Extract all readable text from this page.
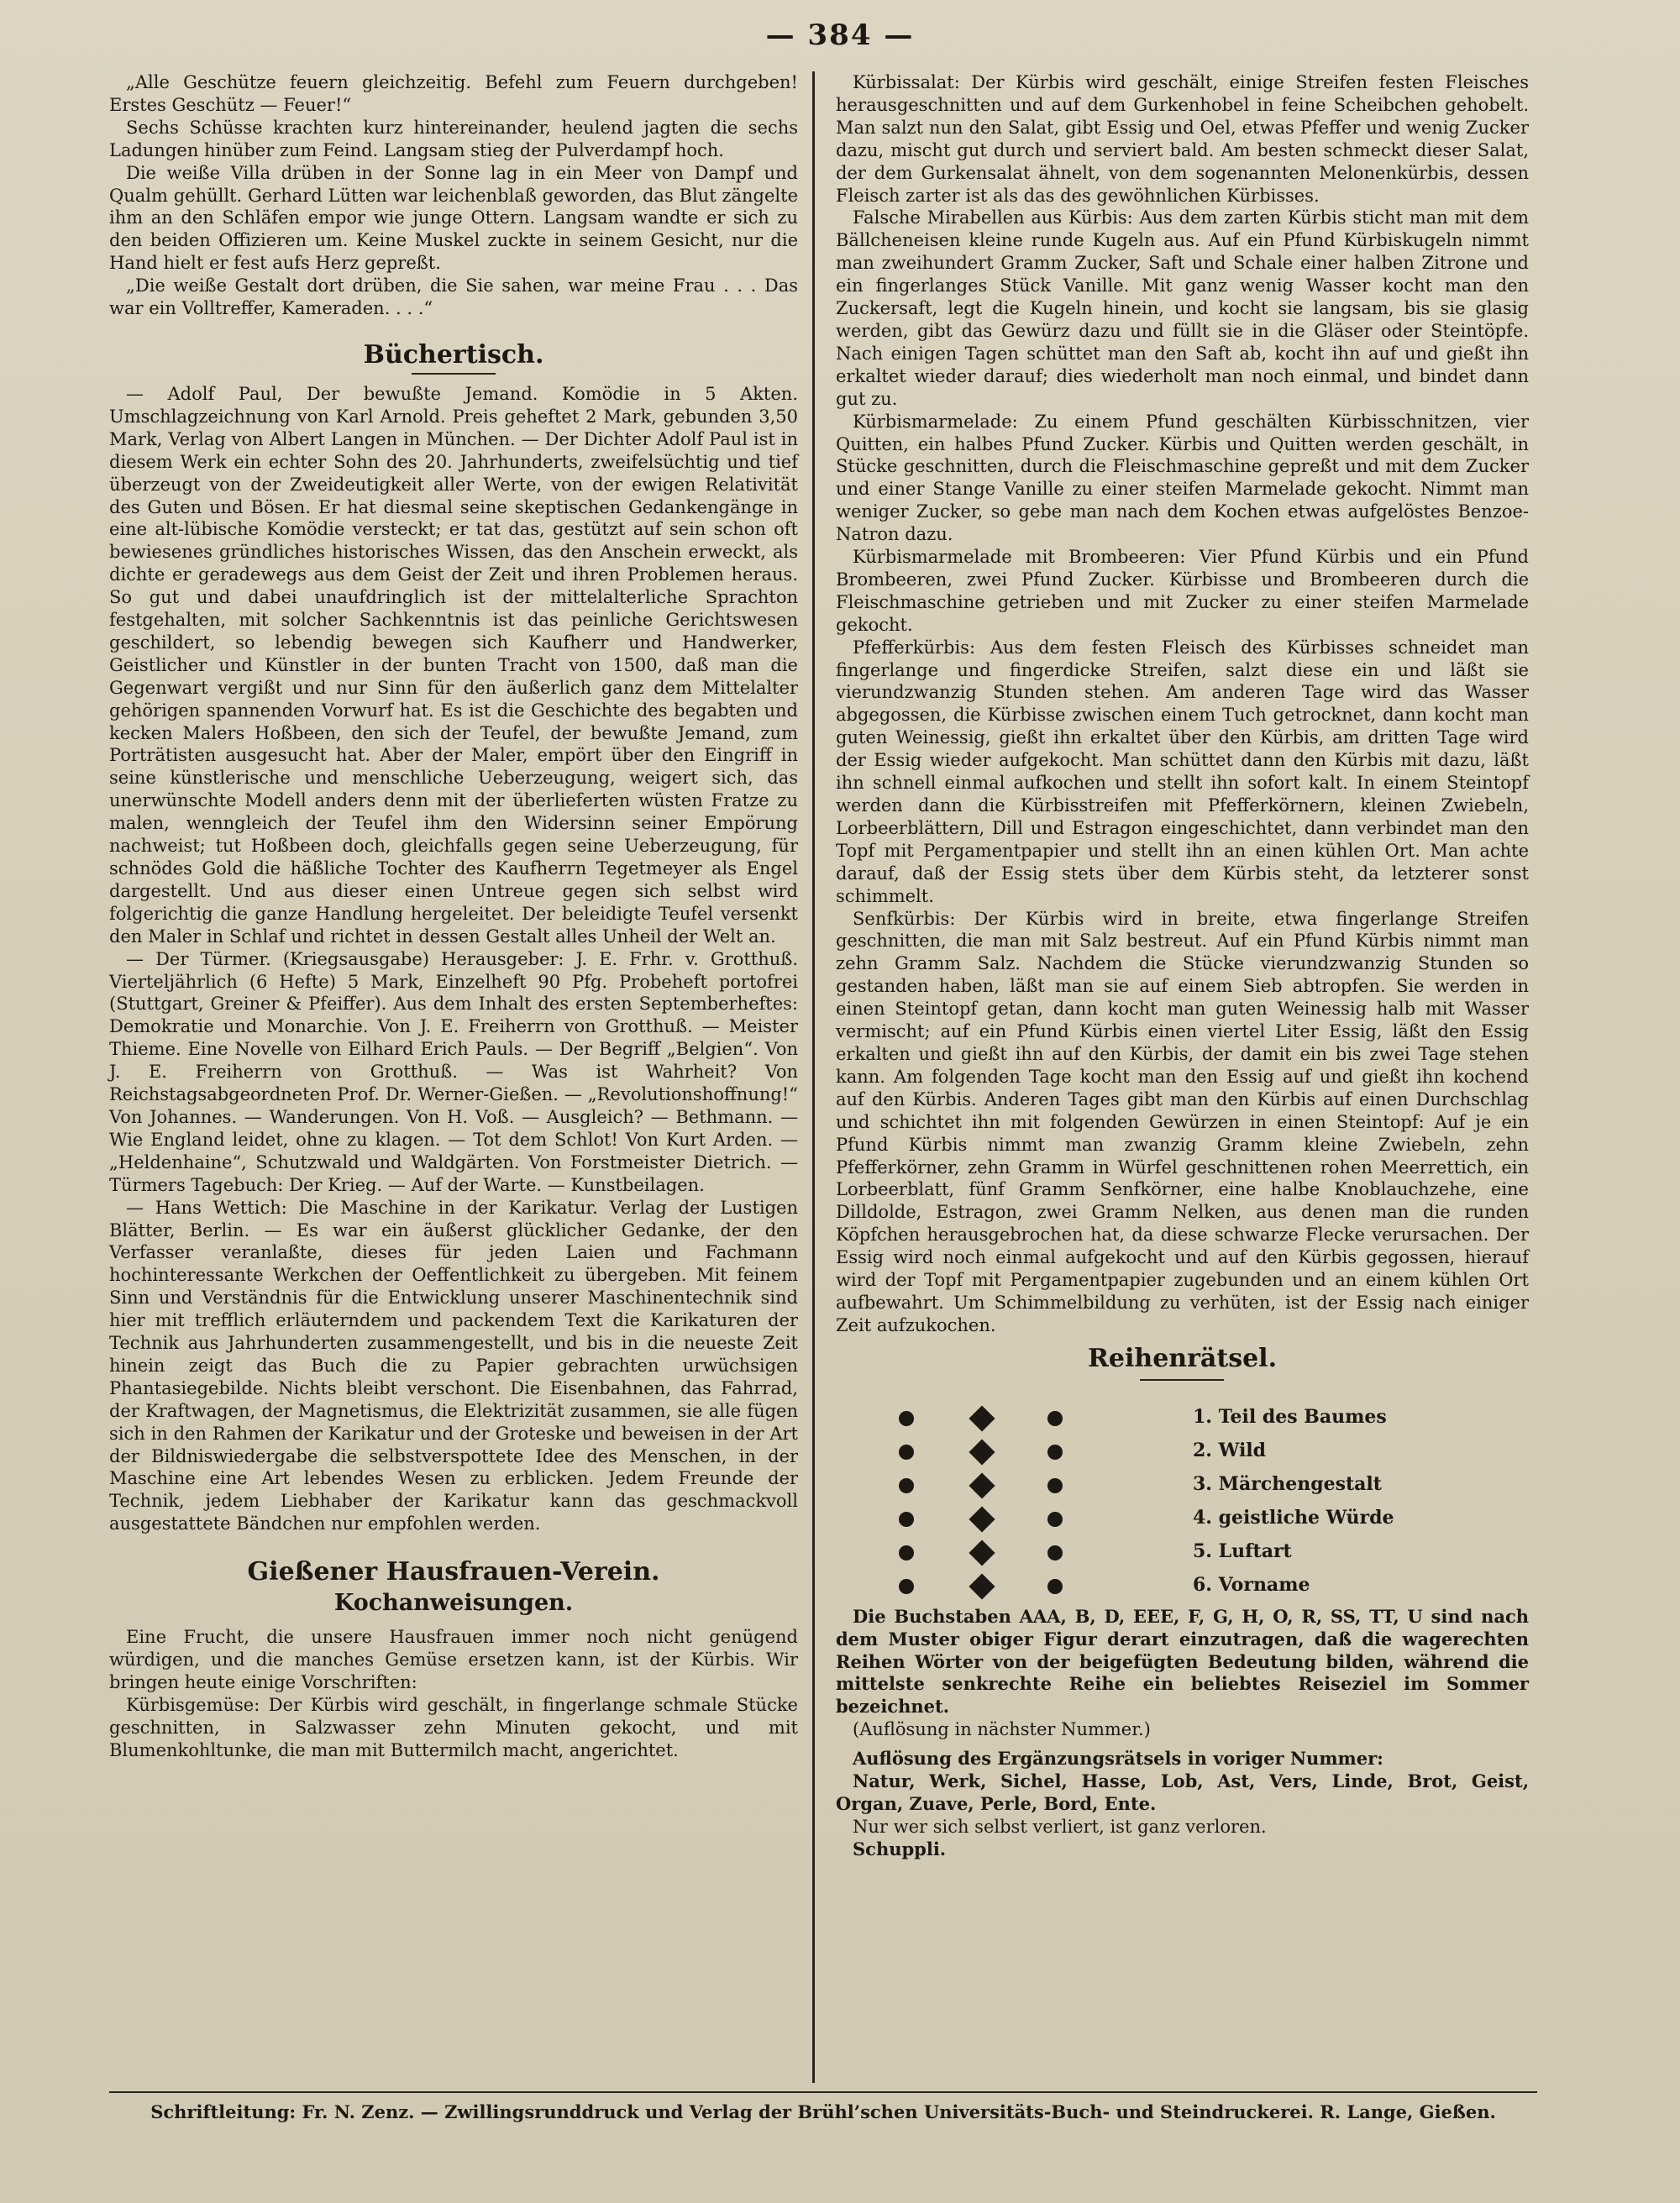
— 384 —

„Alle Geschütze feuern gleichzeitig. Befehl zum Feuern durchgeben! Erstes Geschütz — Feuer!“

Sechs Schüsse krachten kurz hintereinander, heulend jagten die sechs Ladungen hinüber zum Feind. Langsam stieg der Pulverdampf hoch.

Die weiße Villa drüben in der Sonne lag in ein Meer von Dampf und Qualm gehüllt. Gerhard Lütten war leichenblaß geworden, das Blut zängelte ihm an den Schläfen empor wie junge Ottern. Langsam wandte er sich zu den beiden Offizieren um. Keine Muskel zuckte in seinem Gesicht, nur die Hand hielt er fest aufs Herz gepreßt.

„Die weiße Gestalt dort drüben, die Sie sahen, war meine Frau . . . Das war ein Volltreffer, Kameraden. . . .“

Büchertisch.

— Adolf Paul, Der bewußte Jemand. Komödie in 5 Akten. Umschlagzeichnung von Karl Arnold. Preis geheftet 2 Mark, gebunden 3,50 Mark, Verlag von Albert Langen in München. — Der Dichter Adolf Paul ist in diesem Werk ein echter Sohn des 20. Jahrhunderts, zweifelsüchtig und tief überzeugt von der Zweideutigkeit aller Werte, von der ewigen Relativität des Guten und Bösen. Er hat diesmal seine skeptischen Gedankengänge in eine alt-lübische Komödie versteckt; er tat das, gestützt auf sein schon oft bewiesenes gründliches historisches Wissen, das den Anschein erweckt, als dichte er geradewegs aus dem Geist der Zeit und ihren Problemen heraus. So gut und dabei unaufdringlich ist der mittelalterliche Sprachton festgehalten, mit solcher Sachkenntnis ist das peinliche Gerichtswesen geschildert, so lebendig bewegen sich Kaufherr und Handwerker, Geistlicher und Künstler in der bunten Tracht von 1500, daß man die Gegenwart vergißt und nur Sinn für den äußerlich ganz dem Mittelalter gehörigen spannenden Vorwurf hat. Es ist die Geschichte des begabten und kecken Malers Hoßbeen, den sich der Teufel, der bewußte Jemand, zum Porträtisten ausgesucht hat. Aber der Maler, empört über den Eingriff in seine künstlerische und menschliche Ueberzeugung, weigert sich, das unerwünschte Modell anders denn mit der überlieferten wüsten Fratze zu malen, wenngleich der Teufel ihm den Widersinn seiner Empörung nachweist; tut Hoßbeen doch, gleichfalls gegen seine Ueberzeugung, für schnödes Gold die häßliche Tochter des Kaufherrn Tegetmeyer als Engel dargestellt. Und aus dieser einen Untreue gegen sich selbst wird folgerichtig die ganze Handlung hergeleitet. Der beleidigte Teufel versenkt den Maler in Schlaf und richtet in dessen Gestalt alles Unheil der Welt an.

— Der Türmer. (Kriegsausgabe) Herausgeber: J. E. Frhr. v. Grotthuß. Vierteljährlich (6 Hefte) 5 Mark, Einzelheft 90 Pfg. Probeheft portofrei (Stuttgart, Greiner & Pfeiffer). Aus dem Inhalt des ersten Septemberheftes: Demokratie und Monarchie. Von J. E. Freiherrn von Grotthuß. — Meister Thieme. Eine Novelle von Eilhard Erich Pauls. — Der Begriff „Belgien“. Von J. E. Freiherrn von Grotthuß. — Was ist Wahrheit? Von Reichstagsabgeordneten Prof. Dr. Werner-Gießen. — „Revolutionshoffnung!“ Von Johannes. — Wanderungen. Von H. Voß. — Ausgleich? — Bethmann. — Wie England leidet, ohne zu klagen. — Tot dem Schlot! Von Kurt Arden. — „Heldenhaine“, Schutzwald und Waldgärten. Von Forstmeister Dietrich. — Türmers Tagebuch: Der Krieg. — Auf der Warte. — Kunstbeilagen.

— Hans Wettich: Die Maschine in der Karikatur. Verlag der Lustigen Blätter, Berlin. — Es war ein äußerst glücklicher Gedanke, der den Verfasser veranlaßte, dieses für jeden Laien und Fachmann hochinteressante Werkchen der Oeffentlichkeit zu übergeben. Mit feinem Sinn und Verständnis für die Entwicklung unserer Maschinentechnik sind hier mit trefflich erläuterndem und packendem Text die Karikaturen der Technik aus Jahrhunderten zusammengestellt, und bis in die neueste Zeit hinein zeigt das Buch die zu Papier gebrachten urwüchsigen Phantasiegebilde. Nichts bleibt verschont. Die Eisenbahnen, das Fahrrad, der Kraftwagen, der Magnetismus, die Elektrizität zusammen, sie alle fügen sich in den Rahmen der Karikatur und der Groteske und beweisen in der Art der Bildniswiedergabe die selbstverspottete Idee des Menschen, in der Maschine eine Art lebendes Wesen zu erblicken. Jedem Freunde der Technik, jedem Liebhaber der Karikatur kann das geschmackvoll ausgestattete Bändchen nur empfohlen werden.

Gießener Hausfrauen-Verein.
Kochanweisungen.

Eine Frucht, die unsere Hausfrauen immer noch nicht genügend würdigen, und die manches Gemüse ersetzen kann, ist der Kürbis. Wir bringen heute einige Vorschriften:

Kürbisgemüse: Der Kürbis wird geschält, in fingerlange schmale Stücke geschnitten, in Salzwasser zehn Minuten gekocht, und mit Blumenkohltunke, die man mit Buttermilch macht, angerichtet.

Kürbissalat: Der Kürbis wird geschält, einige Streifen festen Fleisches herausgeschnitten und auf dem Gurkenhobel in feine Scheibchen gehobelt. Man salzt nun den Salat, gibt Essig und Oel, etwas Pfeffer und wenig Zucker dazu, mischt gut durch und serviert bald. Am besten schmeckt dieser Salat, der dem Gurkensalat ähnelt, von dem sogenannten Melonenkürbis, dessen Fleisch zarter ist als das des gewöhnlichen Kürbisses.

Falsche Mirabellen aus Kürbis: Aus dem zarten Kürbis sticht man mit dem Bällcheneisen kleine runde Kugeln aus. Auf ein Pfund Kürbiskugeln nimmt man zweihundert Gramm Zucker, Saft und Schale einer halben Zitrone und ein fingerlanges Stück Vanille. Mit ganz wenig Wasser kocht man den Zuckersaft, legt die Kugeln hinein, und kocht sie langsam, bis sie glasig werden, gibt das Gewürz dazu und füllt sie in die Gläser oder Steintöpfe. Nach einigen Tagen schüttet man den Saft ab, kocht ihn auf und gießt ihn erkaltet wieder darauf; dies wiederholt man noch einmal, und bindet dann gut zu.

Kürbismarmelade: Zu einem Pfund geschälten Kürbisschnitzen, vier Quitten, ein halbes Pfund Zucker. Kürbis und Quitten werden geschält, in Stücke geschnitten, durch die Fleischmaschine gepreßt und mit dem Zucker und einer Stange Vanille zu einer steifen Marmelade gekocht. Nimmt man weniger Zucker, so gebe man nach dem Kochen etwas aufgelöstes Benzoe-Natron dazu.

Kürbismarmelade mit Brombeeren: Vier Pfund Kürbis und ein Pfund Brombeeren, zwei Pfund Zucker. Kürbisse und Brombeeren durch die Fleischmaschine getrieben und mit Zucker zu einer steifen Marmelade gekocht.

Pfefferkürbis: Aus dem festen Fleisch des Kürbisses schneidet man fingerlange und fingerdicke Streifen, salzt diese ein und läßt sie vierundzwanzig Stunden stehen. Am anderen Tage wird das Wasser abgegossen, die Kürbisse zwischen einem Tuch getrocknet, dann kocht man guten Weinessig, gießt ihn erkaltet über den Kürbis, am dritten Tage wird der Essig wieder aufgekocht. Man schüttet dann den Kürbis mit dazu, läßt ihn schnell einmal aufkochen und stellt ihn sofort kalt. In einem Steintopf werden dann die Kürbisstreifen mit Pfefferkörnern, kleinen Zwiebeln, Lorbeerblättern, Dill und Estragon eingeschichtet, dann verbindet man den Topf mit Pergamentpapier und stellt ihn an einen kühlen Ort. Man achte darauf, daß der Essig stets über dem Kürbis steht, da letzterer sonst schimmelt.

Senfkürbis: Der Kürbis wird in breite, etwa fingerlange Streifen geschnitten, die man mit Salz bestreut. Auf ein Pfund Kürbis nimmt man zehn Gramm Salz. Nachdem die Stücke vierundzwanzig Stunden so gestanden haben, läßt man sie auf einem Sieb abtropfen. Sie werden in einen Steintopf getan, dann kocht man guten Weinessig halb mit Wasser vermischt; auf ein Pfund Kürbis einen viertel Liter Essig, läßt den Essig erkalten und gießt ihn auf den Kürbis, der damit ein bis zwei Tage stehen kann. Am folgenden Tage kocht man den Essig auf und gießt ihn kochend auf den Kürbis. Anderen Tages gibt man den Kürbis auf einen Durchschlag und schichtet ihn mit folgenden Gewürzen in einen Steintopf: Auf je ein Pfund Kürbis nimmt man zwanzig Gramm kleine Zwiebeln, zehn Pfefferkörner, zehn Gramm in Würfel geschnittenen rohen Meerrettich, ein Lorbeerblatt, fünf Gramm Senfkörner, eine halbe Knoblauchzehe, eine Dilldolde, Estragon, zwei Gramm Nelken, aus denen man die runden Köpfchen herausgebrochen hat, da diese schwarze Flecke verursachen. Der Essig wird noch einmal aufgekocht und auf den Kürbis gegossen, hierauf wird der Topf mit Pergamentpapier zugebunden und an einem kühlen Ort aufbewahrt. Um Schimmelbildung zu verhüten, ist der Essig nach einiger Zeit aufzukochen.

Reihenrätsel.
1. Teil des Baumes
2. Wild
3. Märchengestalt
4. geistliche Würde
5. Luftart
6. Vorname

Die Buchstaben AAA, B, D, EEE, F, G, H, O, R, SS, TT, U sind nach dem Muster obiger Figur derart einzutragen, daß die wagerechten Reihen Wörter von der beigefügten Bedeutung bilden, während die mittelste senkrechte Reihe ein beliebtes Reiseziel im Sommer bezeichnet.

(Auflösung in nächster Nummer.)

Auflösung des Ergänzungsrätsels in voriger Nummer:

Natur, Werk, Sichel, Hasse, Lob, Ast, Vers, Linde, Brot, Geist, Organ, Zuave, Perle, Bord, Ente.

Nur wer sich selbst verliert, ist ganz verloren.

Schuppli.

Schriftleitung: Fr. N. Zenz. — Zwillingsrunddruck und Verlag der Brühl’schen Universitäts-Buch- und Steindruckerei. R. Lange, Gießen.
